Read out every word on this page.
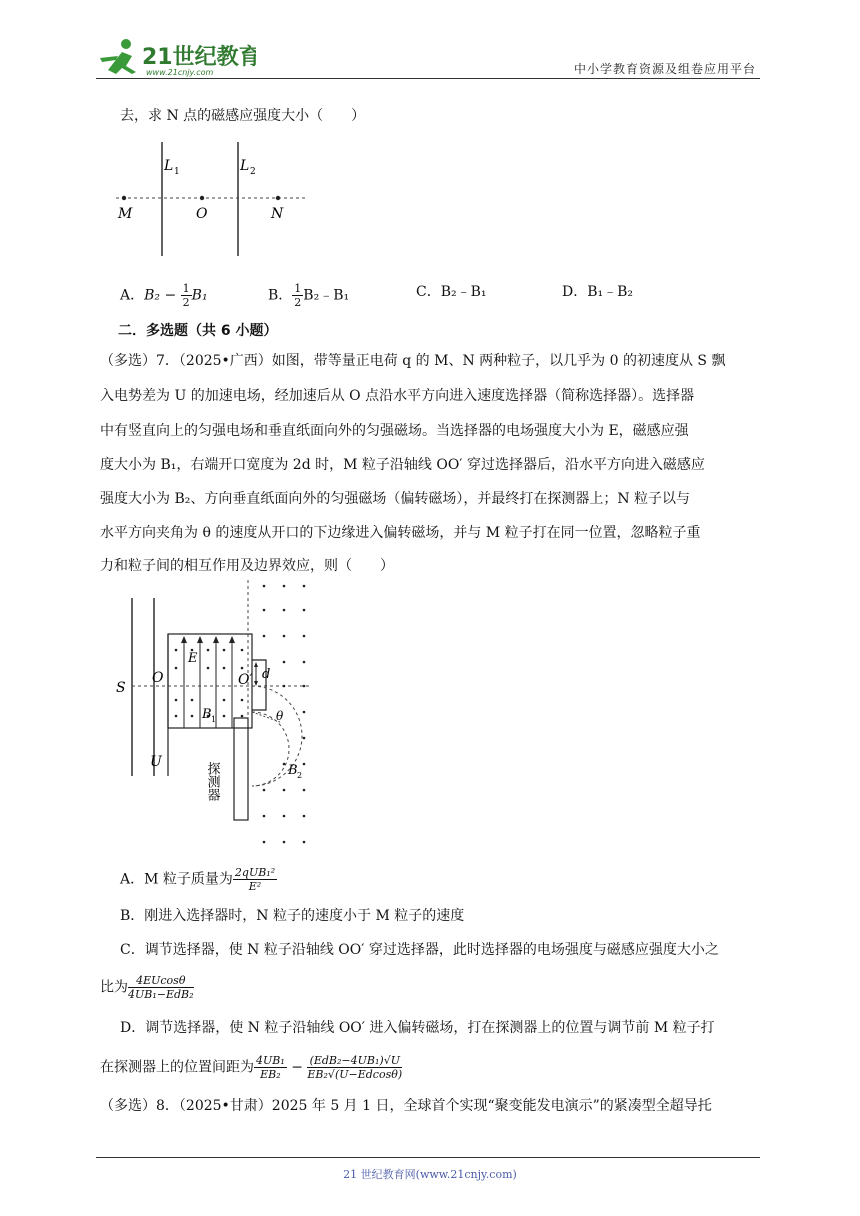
21世纪教育
www.21cnjy.com	中小学教育资源及组卷应用平台
去，求 N 点的磁感应强度大小（　　）
L 1	L 2
M	O	N
A．$B_2 - \frac{1}{2} B_1$	B． $\frac{1}{2}$ B₂﹣B₁	C．B₂﹣B₁	D．B₁﹣B₂
二．多选题（共 6 小题）
（多选）7．（2025•广西）如图，带等量正电荷 q 的 M、N 两种粒子，以几乎为 0 的初速度从 S 飘
入电势差为 U 的加速电场，经加速后从 O 点沿水平方向进入速度选择器（简称选择器）。选择器
中有竖直向上的匀强电场和垂直纸面向外的匀强磁场。当选择器的电场强度大小为 E，磁感应强
度大小为 B₁，右端开口宽度为 2d 时，M 粒子沿轴线 OO′ 穿过选择器后，沿水平方向进入磁感应
强度大小为 B₂、方向垂直纸面向外的匀强磁场（偏转磁场），并最终打在探测器上；N 粒子以与
水平方向夹角为 θ 的速度从开口的下边缘进入偏转磁场，并与 M 粒子打在同一位置，忽略粒子重
力和粒子间的相互作用及边界效应，则（　　）
S
O	O′
E
B 1
d
θ
U
B 2
探测器
A．M 粒子质量为 $\frac{\text{2qUB₁²}}{\text{E²}}$
B．刚进入选择器时，N 粒子的速度小于 M 粒子的速度
C．调节选择器，使 N 粒子沿轴线 OO′ 穿过选择器，此时选择器的电场强度与磁感应强度大小之
比为 $\frac{4EUcos\theta}{\text{4UB₁−EdB₂}}$
D．调节选择器，使 N 粒子沿轴线 OO′ 进入偏转磁场，打在探测器上的位置与调节前 M 粒子打
在探测器上的位置间距为 $\frac{\text{4UB₁}}{\text{EB₂}} - \frac{\text{(EdB₂−4UB₁)√U}}{\text{EB₂√(U−Edcosθ)}}$
（多选）8．（2025•甘肃）2025 年 5 月 1 日，全球首个实现“聚变能发电演示”的紧凑型全超导托
21 世纪教育网(www.21cnjy.com)
